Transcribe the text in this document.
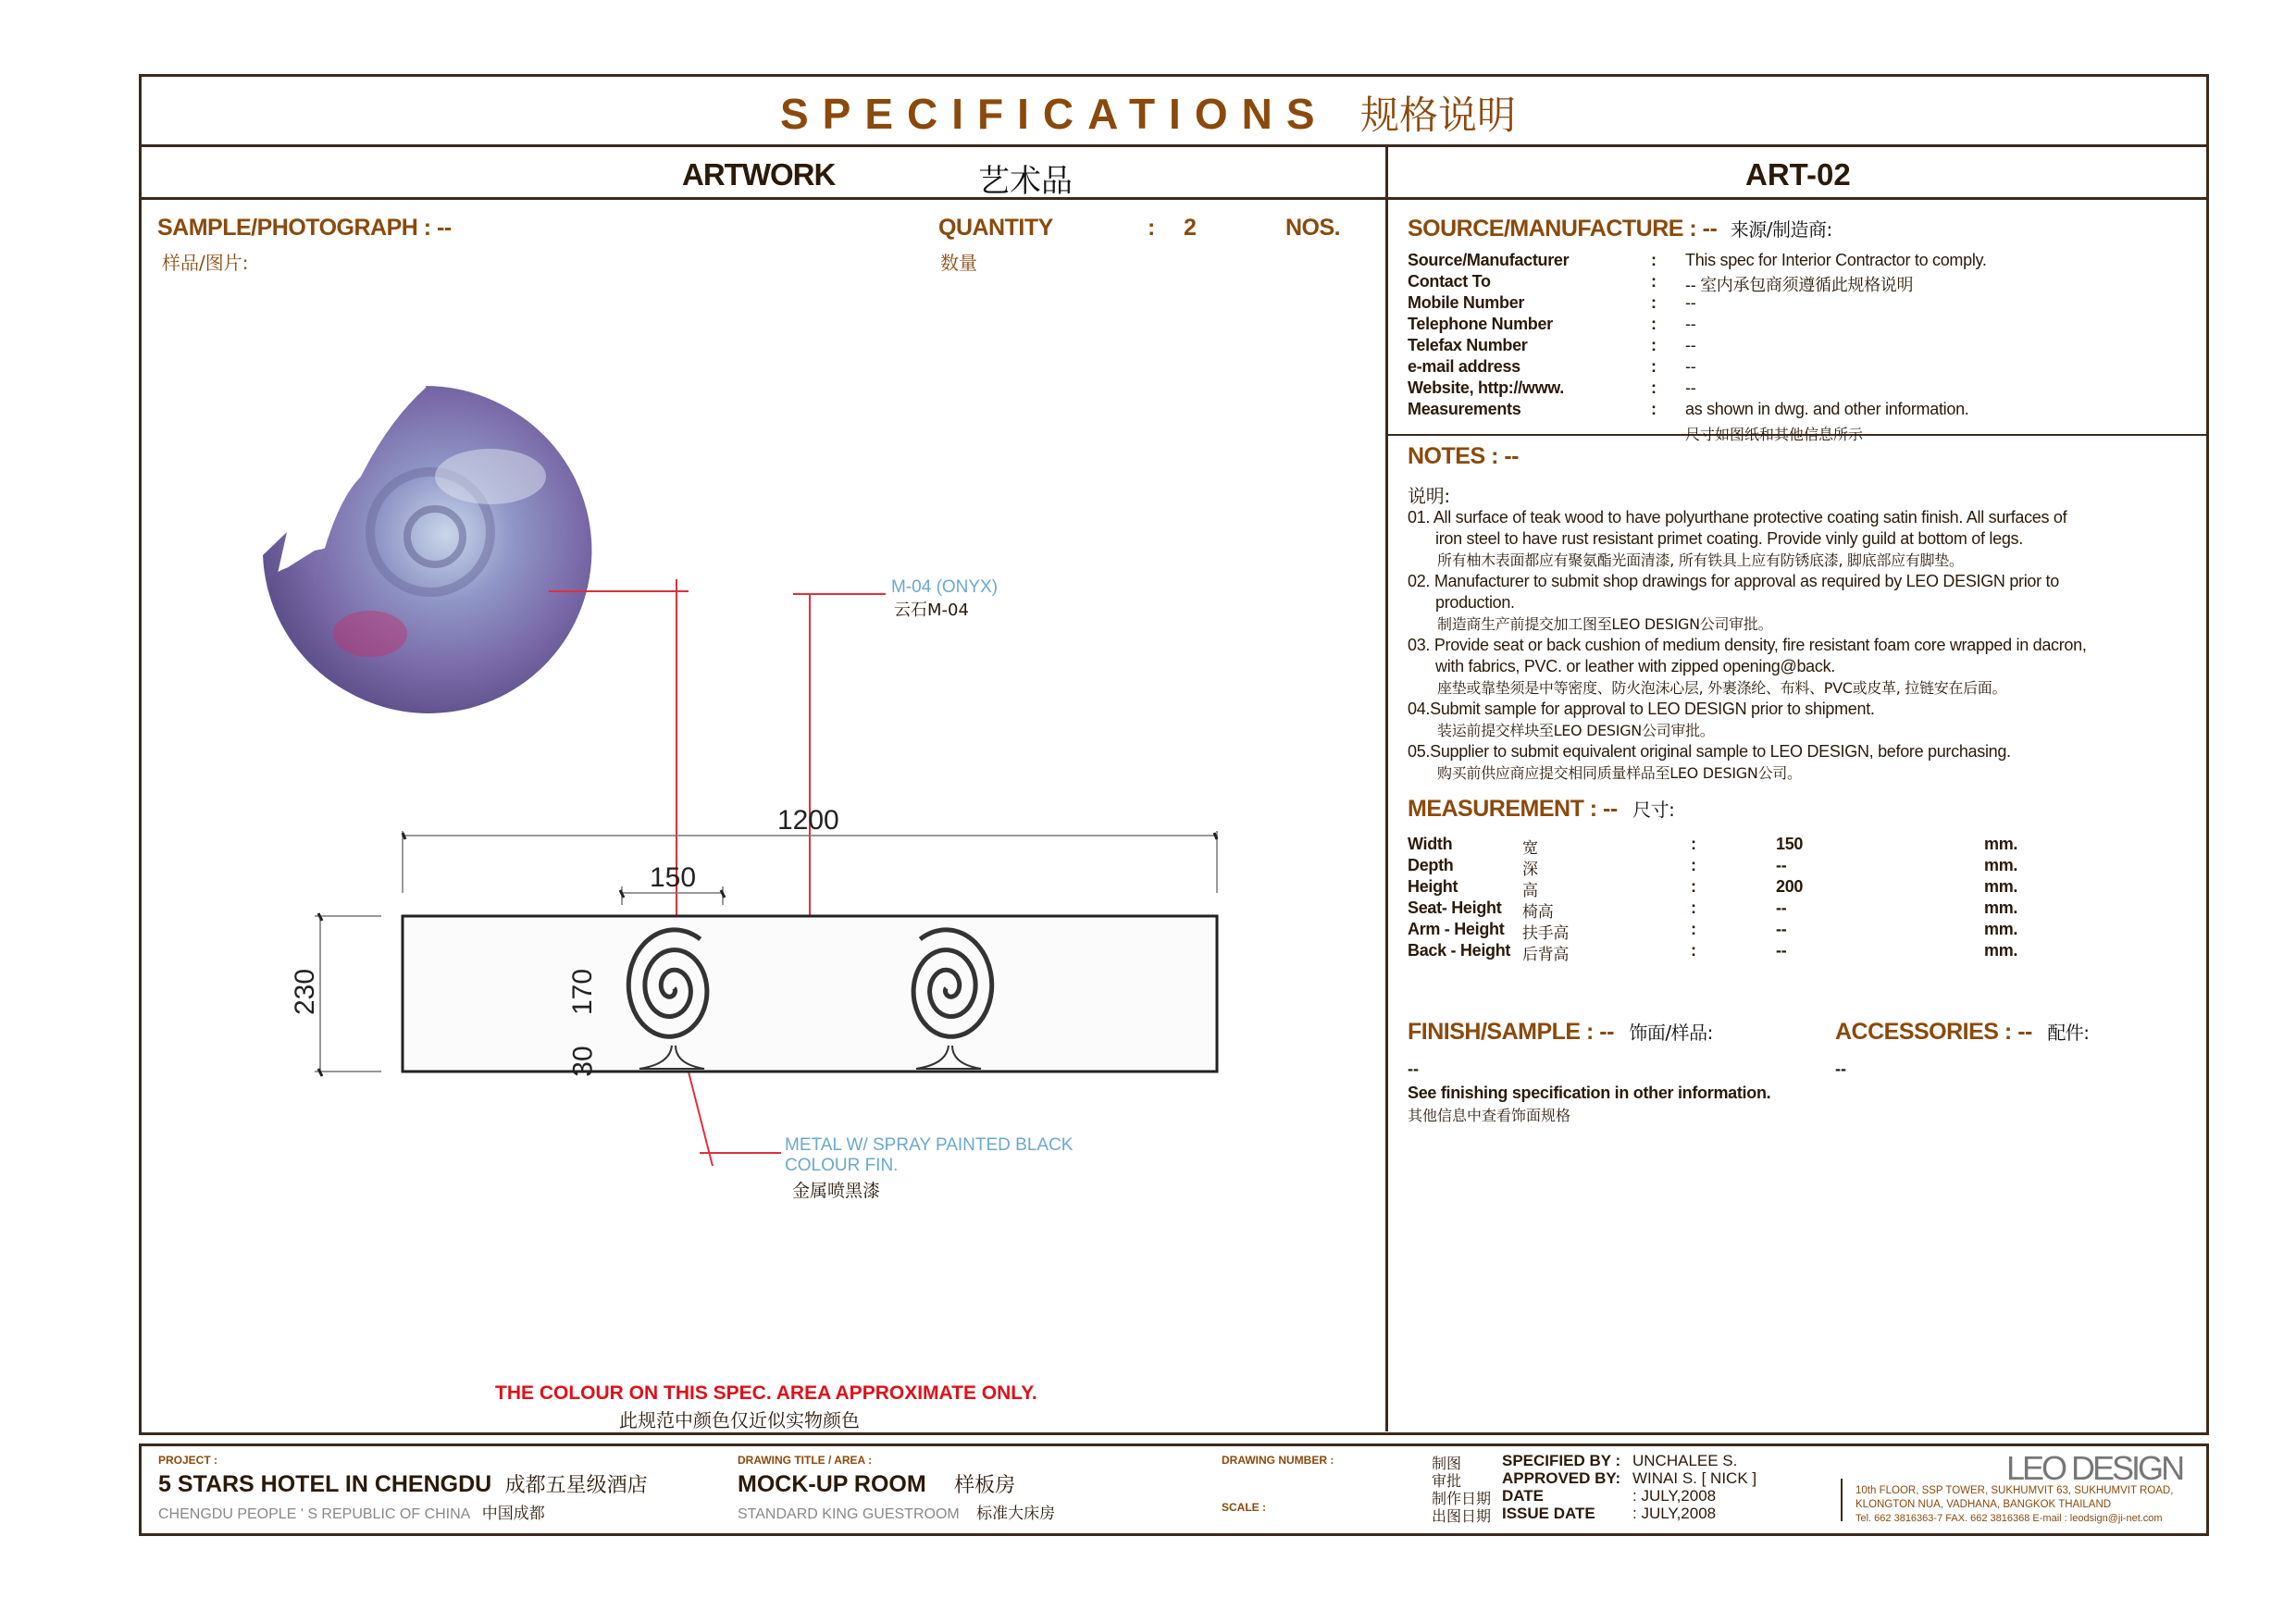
SPECIFICATIONS 规格说明
ARTWORK	艺术品	ART-02
SAMPLE/PHOTOGRAPH : --
样品/图片:
QUANTITY	: 2	NOS.
数量
M-04 (ONYX)
云石M-04
1200
150
230	170
30
METAL W/ SPRAY PAINTED BLACK
COLOUR FIN.
金属喷黑漆
THE COLOUR ON THIS SPEC. AREA APPROXIMATE ONLY.
此规范中颜色仅近似实物颜色
SOURCE/MANUFACTURE : -- 来源/制造商:
Source/Manufacturer	: This spec for Interior Contractor to comply.
Contact To	: -- 室内承包商须遵循此规格说明
Mobile Number	: --
Telephone Number	: --
Telefax Number	: --
e-mail address	: --
Website, http://www.	: --
Measurements	: as shown in dwg. and other information.
尺寸如图纸和其他信息所示
NOTES : --
说明:
01. All surface of teak wood to have polyurthane protective coating satin finish. All surfaces of
iron steel to have rust resistant primet coating. Provide vinly guild at bottom of legs.
所有柚木表面都应有聚氨酯光面清漆, 所有铁具上应有防锈底漆, 脚底部应有脚垫。
02. Manufacturer to submit shop drawings for approval as required by LEO DESIGN prior to
production.
制造商生产前提交加工图至LEO DESIGN公司审批。
03. Provide seat or back cushion of medium density, fire resistant foam core wrapped in dacron,
with fabrics, PVC. or leather with zipped opening@back.
座垫或靠垫须是中等密度、防火泡沫心层, 外裹涤纶、布料、PVC或皮革, 拉链安在后面。
04.Submit sample for approval to LEO DESIGN prior to shipment.
装运前提交样块至LEO DESIGN公司审批。
05.Supplier to submit equivalent original sample to LEO DESIGN, before purchasing.
购买前供应商应提交相同质量样品至LEO DESIGN公司。
MEASUREMENT : -- 尺寸:
Width	宽	:	150	mm.
Depth	深	:	--	mm.
Height	高	:	200	mm.
Seat- Height 椅高	:	--	mm.
Arm - Height 扶手高	:	--	mm.
Back - Height 后背高	:	--	mm.
FINISH/SAMPLE : -- 饰面/样品:
--
See finishing specification in other information.
其他信息中查看饰面规格
ACCESSORIES : -- 配件:
--
PROJECT :
5 STARS HOTEL IN CHENGDU 成都五星级酒店
CHENGDU PEOPLE ' S REPUBLIC OF CHINA 中国成都
DRAWING TITLE / AREA :
MOCK-UP ROOM 样板房
STANDARD KING GUESTROOM 标准大床房
DRAWING NUMBER :
SCALE :
制图	SPECIFIED BY : UNCHALEE S.
审批	APPROVED BY: WINAI S. [ NICK ]
制作日期 DATE	: JULY,2008
出图日期 ISSUE DATE : JULY,2008
LEO DESIGN
10th FLOOR, SSP TOWER, SUKHUMVIT 63, SUKHUMVIT ROAD,
KLONGTON NUA, VADHANA, BANGKOK THAILAND
Tel. 662 3816363-7 FAX. 662 3816368 E-mail : leodsign@ji-net.com
